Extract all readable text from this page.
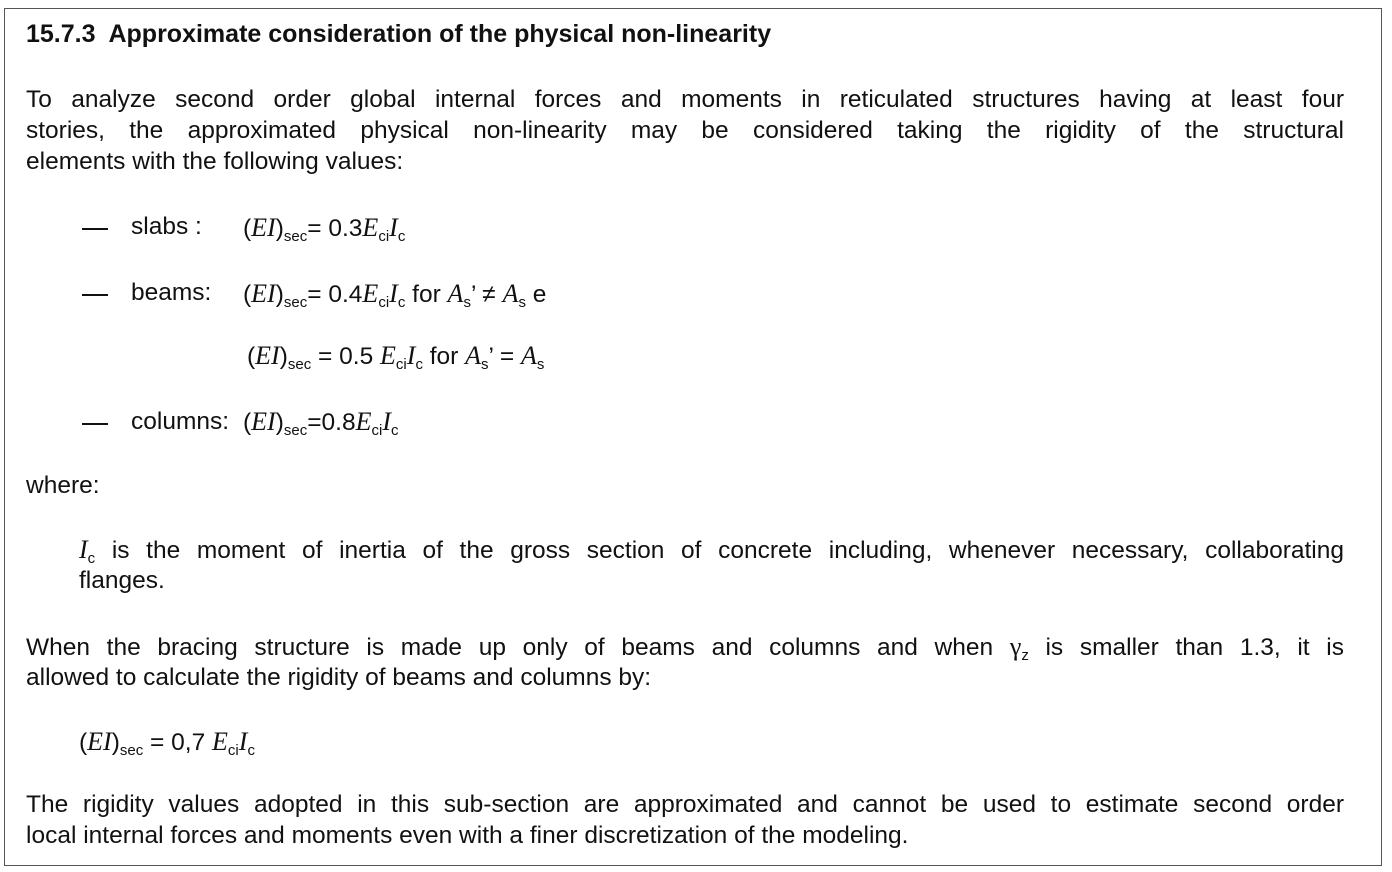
15.7.3 Approximate consideration of the physical non-linearity
To analyze second order global internal forces and moments in reticulated structures having at least four
stories, the approximated physical non-linearity may be considered taking the rigidity of the structural
elements with the following values:
slabs : $(EI)_{sec}= 0.3E_{ci}I_c$
beams: $(EI)_{sec}= 0.4E_{ci}I_c$ for $A_s$’ ≠ $A_s$ e
$(EI)_{sec} = 0.5$ $E_{ci}I_c$ for $A_s$’ = $A_s$
columns: $(EI)_{sec}=0.8E_{ci}I_c$
where:
$I_c$ is the moment of inertia of the gross section of concrete including, whenever necessary, collaborating
flanges.
When the bracing structure is made up only of beams and columns and when $\gamma_z$ is smaller than 1.3, it is
allowed to calculate the rigidity of beams and columns by:
$(EI)_{sec} = 0,7$ $E_{ci}I_c$
The rigidity values adopted in this sub-section are approximated and cannot be used to estimate second order
local internal forces and moments even with a finer discretization of the modeling.
